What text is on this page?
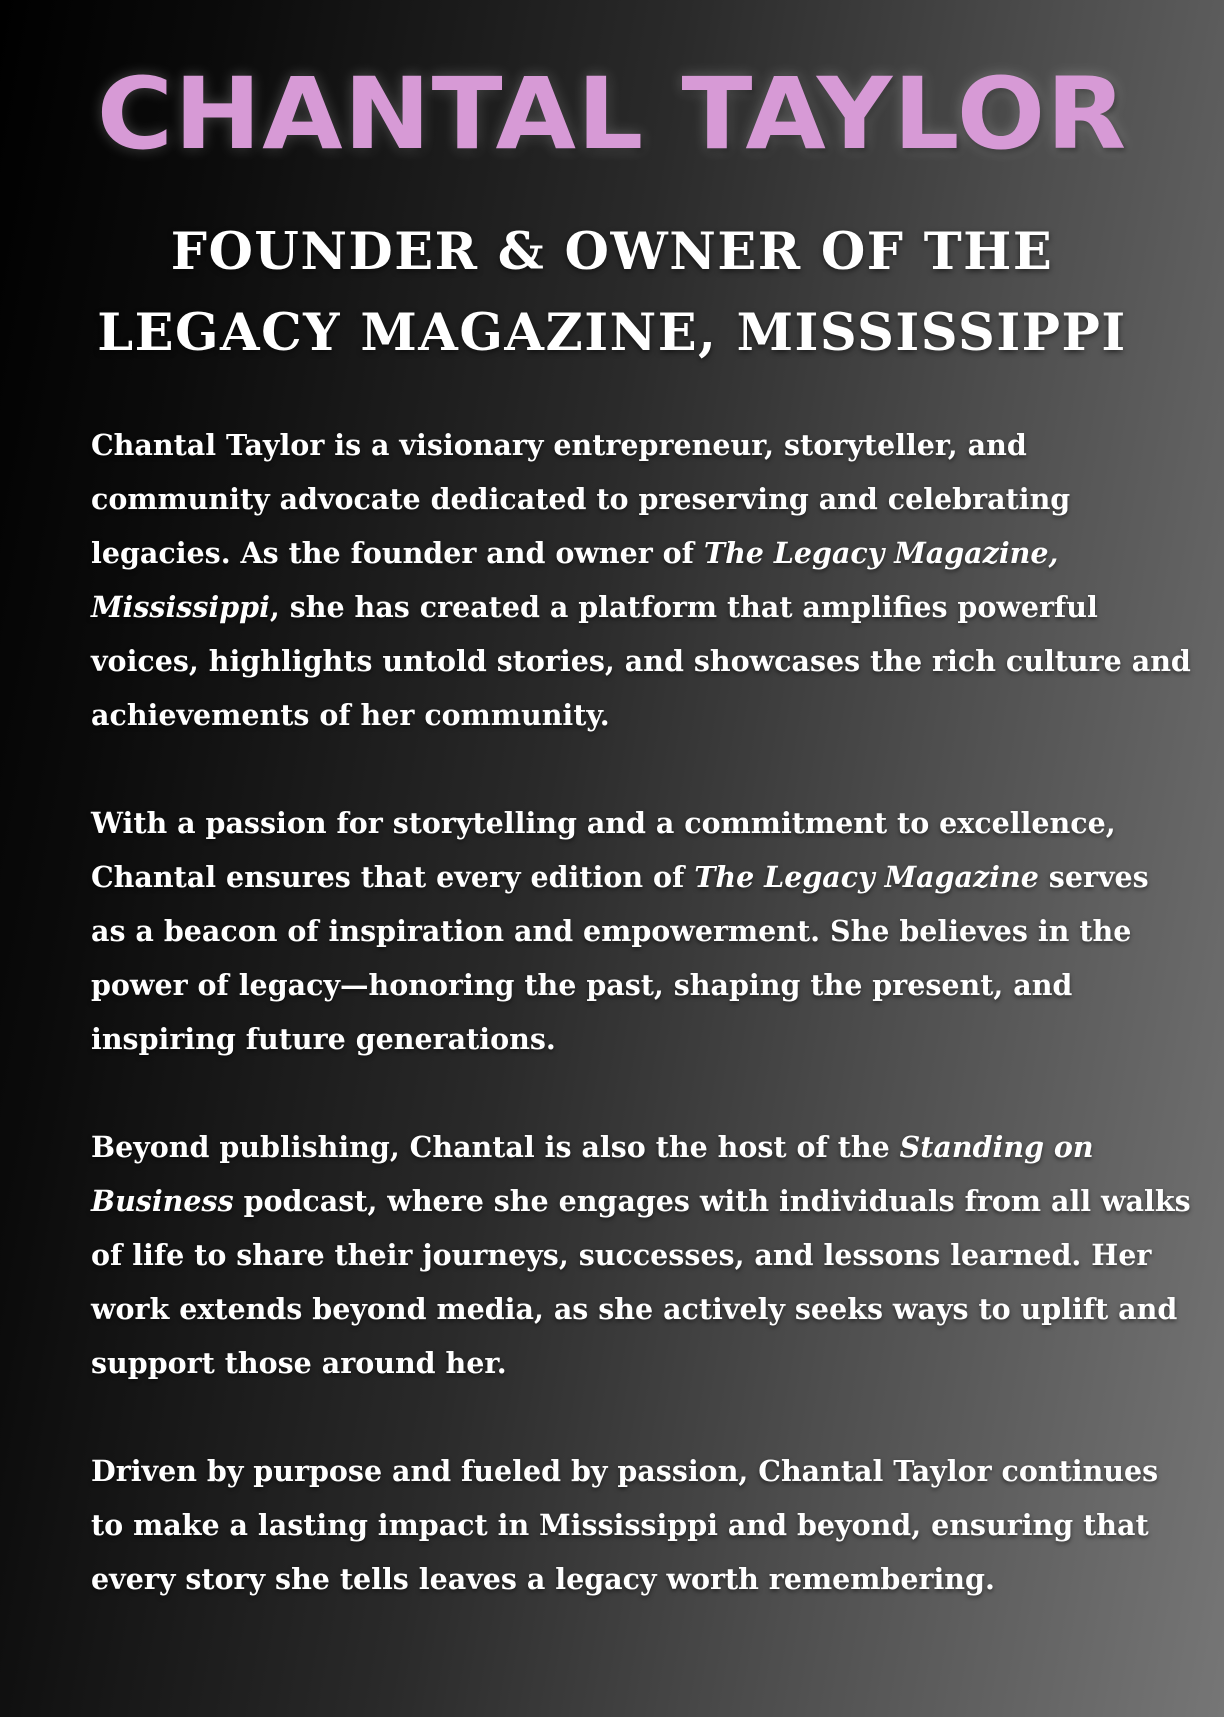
CHANTAL TAYLOR
FOUNDER & OWNER OF THE
LEGACY MAGAZINE, MISSISSIPPI

Chantal Taylor is a visionary entrepreneur, storyteller, and
community advocate dedicated to preserving and celebrating
legacies. As the founder and owner of The Legacy Magazine,
Mississippi, she has created a platform that amplifies powerful
voices, highlights untold stories, and showcases the rich culture and
achievements of her community.

With a passion for storytelling and a commitment to excellence,
Chantal ensures that every edition of The Legacy Magazine serves
as a beacon of inspiration and empowerment. She believes in the
power of legacy—honoring the past, shaping the present, and
inspiring future generations.

Beyond publishing, Chantal is also the host of the Standing on
Business podcast, where she engages with individuals from all walks
of life to share their journeys, successes, and lessons learned. Her
work extends beyond media, as she actively seeks ways to uplift and
support those around her.

Driven by purpose and fueled by passion, Chantal Taylor continues
to make a lasting impact in Mississippi and beyond, ensuring that
every story she tells leaves a legacy worth remembering.
